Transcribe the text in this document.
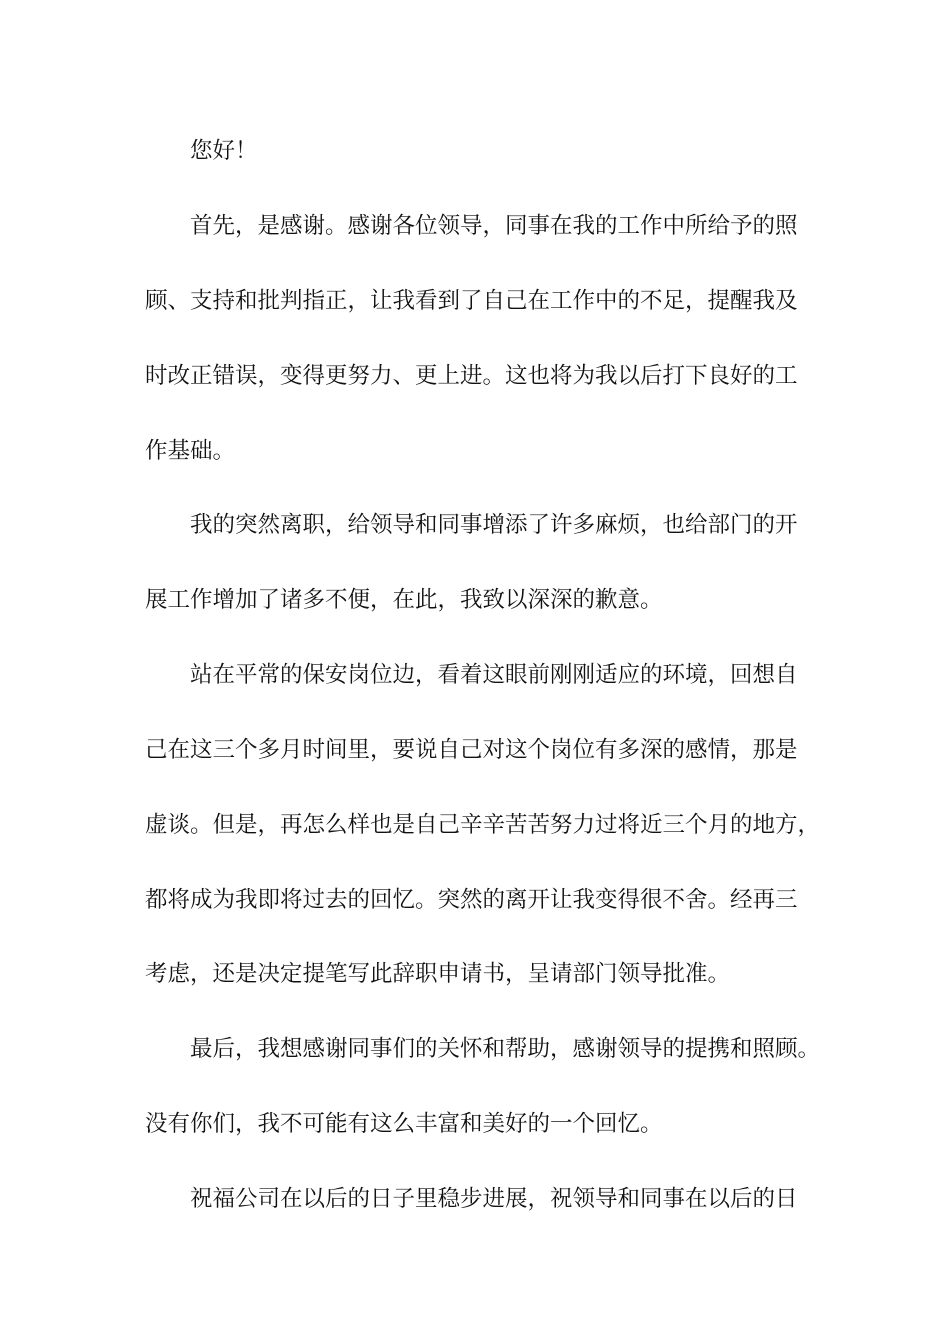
您好！
首先，是感谢。感谢各位领导，同事在我的工作中所给予的照
顾、支持和批判指正，让我看到了自己在工作中的不足，提醒我及
时改正错误，变得更努力、更上进。这也将为我以后打下良好的工
作基础。
我的突然离职，给领导和同事增添了许多麻烦，也给部门的开
展工作增加了诸多不便，在此，我致以深深的歉意。
站在平常的保安岗位边，看着这眼前刚刚适应的环境，回想自
己在这三个多月时间里，要说自己对这个岗位有多深的感情，那是
虚谈。但是，再怎么样也是自己辛辛苦苦努力过将近三个月的地方，
都将成为我即将过去的回忆。突然的离开让我变得很不舍。经再三
考虑，还是决定提笔写此辞职申请书，呈请部门领导批准。
最后，我想感谢同事们的关怀和帮助，感谢领导的提携和照顾。
没有你们，我不可能有这么丰富和美好的一个回忆。
祝福公司在以后的日子里稳步进展，祝领导和同事在以后的日
